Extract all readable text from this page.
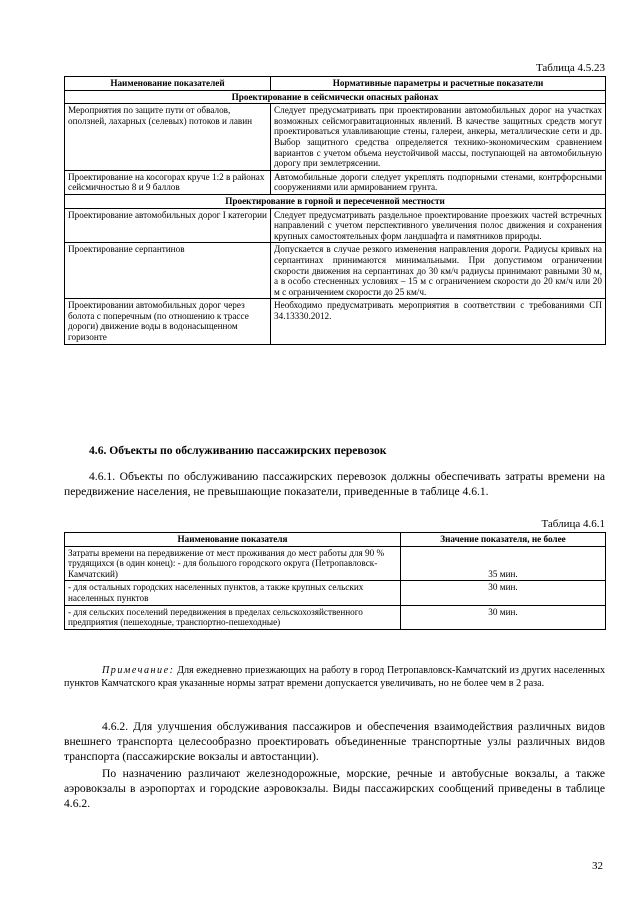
Таблица 4.5.23
Наименование показателей	Нормативные параметры и расчетные показатели
Проектирование в сейсмически опасных районах	
Мероприятия по защите пути от обвалов, оползней, лахарных (селевых) потоков и лавин	Следует предусматривать при проектировании автомобильных дорог на участках возможных сейсмогравитационных явлений. В качестве защитных средств могут проектироваться улавливающие стены, галереи, анкеры, металлические сети и др. Выбор защитного средства определяется технико-экономическим сравнением вариантов с учетом объема неустойчивой массы, поступающей на автомобильную дорогу при землетрясении.
Проектирование на косогорах круче 1:2 в районах сейсмичностью 8 и 9 баллов	Автомобильные дороги следует укреплять подпорными стенами, контрфорсными сооружениями или армированием грунта.
Проектирование в горной и пересеченной местности	
Проектирование автомобильных дорог I категории	Следует предусматривать раздельное проектирование проезжих частей встречных направлений с учетом перспективного увеличения полос движения и сохранения крупных самостоятельных форм ландшафта и памятников природы.
Проектирование серпантинов	Допускается в случае резкого изменения направления дороги. Радиусы кривых на серпантинах принимаются минимальными. При допустимом ограничении скорости движения на серпантинах до 30 км/ч радиусы принимают равными 30 м, а в особо стесненных условиях – 15 м с ограничением скорости до 20 км/ч или 20 м с ограничением скорости до 25 км/ч.
Проектировании автомобильных дорог через болота с поперечным (по отношению к трассе дороги) движение воды в водонасыщенном горизонте	Необходимо предусматривать мероприятия в соответствии с требованиями СП 34.13330.2012.
4.6. Объекты по обслуживанию пассажирских перевозок
4.6.1. Объекты по обслуживанию пассажирских перевозок должны обеспечивать затраты времени на передвижение населения, не превышающие показатели, приведенные в таблице 4.6.1.
Таблица 4.6.1
Наименование показателя	Значение показателя, не более
Затраты времени на передвижение от мест проживания до мест работы для 90 % трудящихся (в один конец): - для большого городского округа (Петропавловск-Камчатский)	35 мин.
- для остальных городских населенных пунктов, а также крупных сельских населенных пунктов	30 мин.
- для сельских поселений передвижения в пределах сельскохозяйственного предприятия (пешеходные, транспортно-пешеходные)	30 мин.
Примечание: Для ежедневно приезжающих на работу в город Петропавловск-Камчатский из других населенных пунктов Камчатского края указанные нормы затрат времени допускается увеличивать, но не более чем в 2 раза.
4.6.2. Для улучшения обслуживания пассажиров и обеспечения взаимодействия различных видов внешнего транспорта целесообразно проектировать объединенные транспортные узлы различных видов транспорта (пассажирские вокзалы и автостанции).
По назначению различают железнодорожные, морские, речные и автобусные вокзалы, а также аэровокзалы в аэропортах и городские аэровокзалы. Виды пассажирских сообщений приведены в таблице 4.6.2.
32
